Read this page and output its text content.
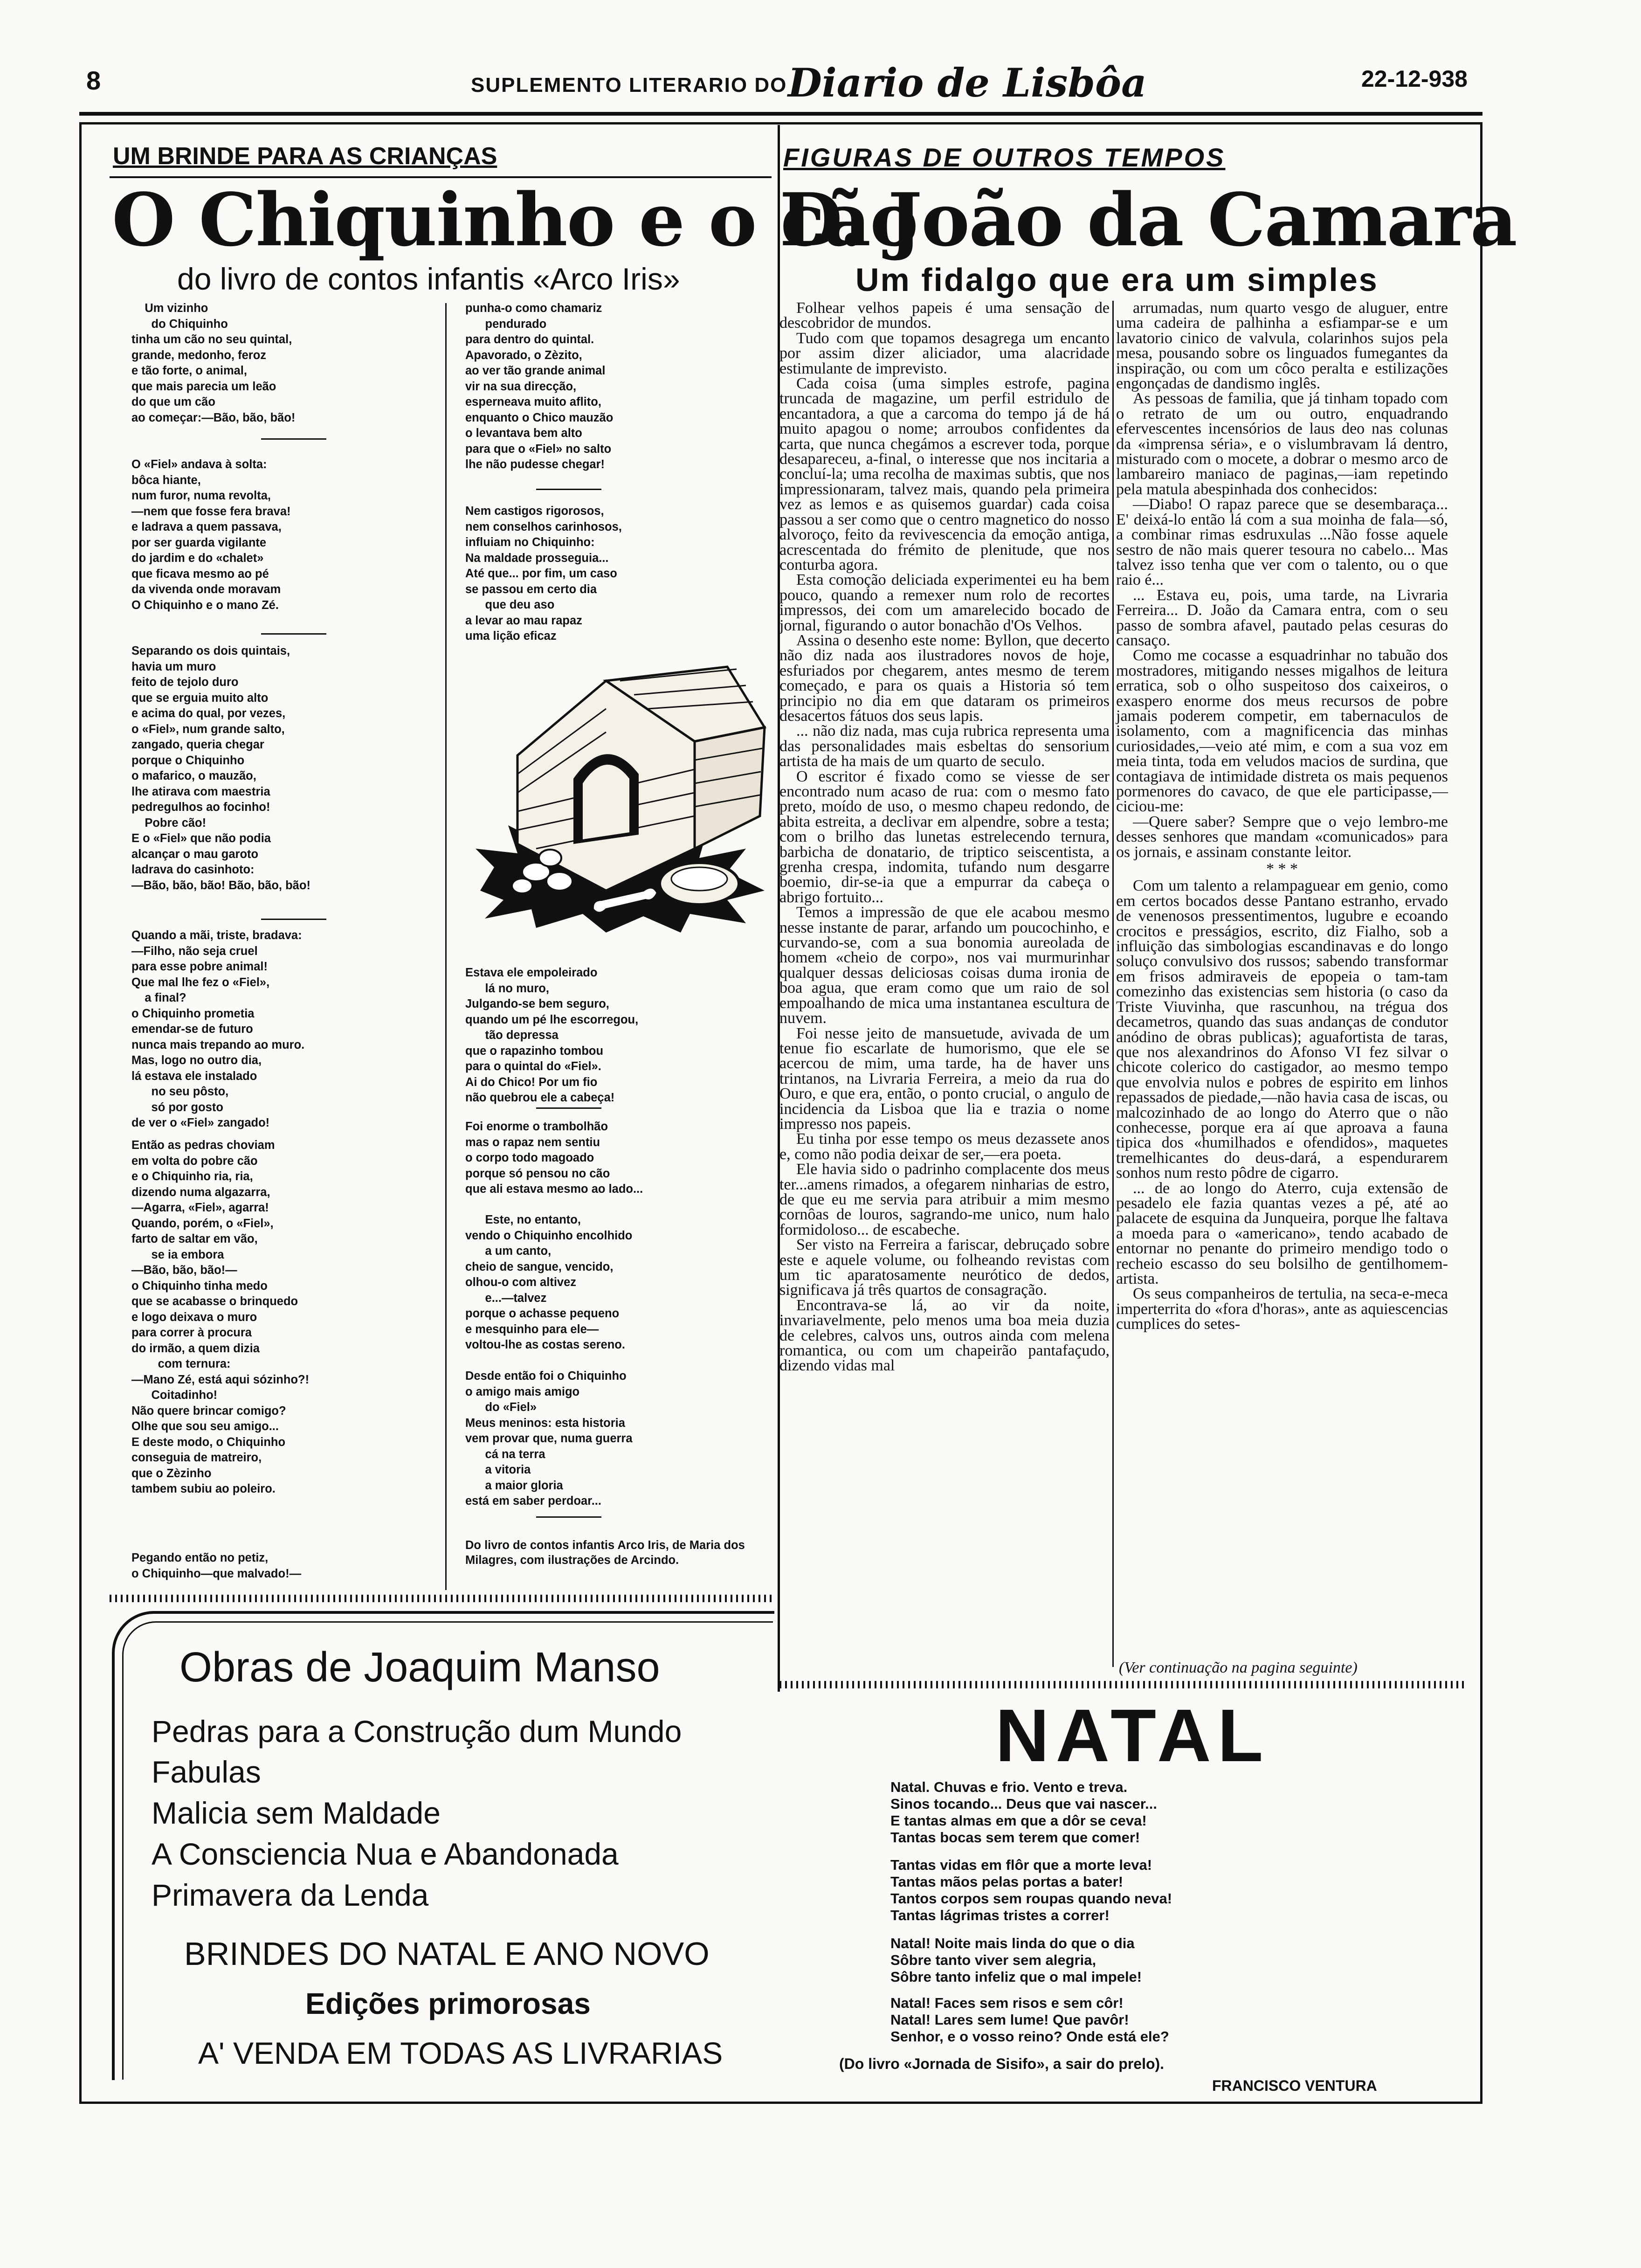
8	SUPLEMENTO LITERARIO DO Diario de Lisbôa	22-12-938
UM BRINDE PARA AS CRIANÇAS
O Chiquinho e o cão
do livro de contos infantis «Arco Iris»
Um vizinho
do Chiquinho
tinha um cão no seu quintal,
grande, medonho, feroz
e tão forte, o animal,
que mais parecia um leão
do que um cão
ao começar:—Bão, bão, bão!
O «Fiel» andava à solta:
bôca hiante,
num furor, numa revolta,
—nem que fosse fera brava!
e ladrava a quem passava,
por ser guarda vigilante
do jardim e do «chalet»
que ficava mesmo ao pé
da vivenda onde moravam
O Chiquinho e o mano Zé.
Separando os dois quintais,
havia um muro
feito de tejolo duro
que se erguia muito alto
e acima do qual, por vezes,
o «Fiel», num grande salto,
zangado, queria chegar
porque o Chiquinho
o mafarico, o mauzão,
lhe atirava com maestria
pedregulhos ao focinho!
Pobre cão!
E o «Fiel» que não podia
alcançar o mau garoto
ladrava do casinhoto:
—Bão, bão, bão! Bão, bão, bão!
Quando a mãi, triste, bradava:
—Filho, não seja cruel
para esse pobre animal!
Que mal lhe fez o «Fiel»,
a final?
o Chiquinho prometia
emendar-se de futuro
nunca mais trepando ao muro.
Mas, logo no outro dia,
lá estava ele instalado
no seu pôsto,
só por gosto
de ver o «Fiel» zangado!
Então as pedras choviam
em volta do pobre cão
e o Chiquinho ria, ria,
dizendo numa algazarra,
—Agarra, «Fiel», agarra!
Quando, porém, o «Fiel»,
farto de saltar em vão,
se ia embora
—Bão, bão, bão!—
o Chiquinho tinha medo
que se acabasse o brinquedo
e logo deixava o muro
para correr à procura
do irmão, a quem dizia
com ternura:
—Mano Zé, está aqui sózinho?!
Coitadinho!
Não quere brincar comigo?
Olhe que sou seu amigo...
E deste modo, o Chiquinho
conseguia de matreiro,
que o Zèzinho
tambem subiu ao poleiro.
Pegando então no petiz,
o Chiquinho—que malvado!—
punha-o como chamariz
pendurado
para dentro do quintal.
Apavorado, o Zèzito,
ao ver tão grande animal
vir na sua direcção,
esperneava muito aflito,
enquanto o Chico mauzão
o levantava bem alto
para que o «Fiel» no salto
lhe não pudesse chegar!
Nem castigos rigorosos,
nem conselhos carinhosos,
influiam no Chiquinho:
Na maldade prosseguia...
Até que... por fim, um caso
se passou em certo dia
que deu aso
a levar ao mau rapaz
uma lição eficaz
Estava ele empoleirado
lá no muro,
Julgando-se bem seguro,
quando um pé lhe escorregou,
tão depressa
que o rapazinho tombou
para o quintal do «Fiel».
Ai do Chico! Por um fio
não quebrou ele a cabeça!
Foi enorme o trambolhão
mas o rapaz nem sentiu
o corpo todo magoado
porque só pensou no cão
que ali estava mesmo ao lado...
Este, no entanto,
vendo o Chiquinho encolhido
a um canto,
cheio de sangue, vencido,
olhou-o com altivez
e...—talvez
porque o achasse pequeno
e mesquinho para ele—
voltou-lhe as costas sereno.
Desde então foi o Chiquinho
o amigo mais amigo
do «Fiel»
Meus meninos: esta historia
vem provar que, numa guerra
cá na terra
a vitoria
a maior gloria
está em saber perdoar...
Do livro de contos infantis Arco Iris, de Maria dos Milagres, com ilustrações de Arcindo.
Obras de Joaquim Manso
Pedras para a Construção dum Mundo
Fabulas
Malicia sem Maldade
A Consciencia Nua e Abandonada
Primavera da Lenda
BRINDES DO NATAL E ANO NOVO
Edições primorosas
A' VENDA EM TODAS AS LIVRARIAS
FIGURAS DE OUTROS TEMPOS
D. João da Camara
Um fidalgo que era um simples

Folhear velhos papeis é uma sensação de descobridor de mundos.

Tudo com que topamos desagrega um encanto por assim dizer aliciador, uma alacridade estimulante de imprevisto.

Cada coisa (uma simples estrofe, pagina truncada de magazine, um perfil estridulo de encantadora, a que a carcoma do tempo já de há muito apagou o nome; arroubos confidentes da carta, que nunca chegámos a escrever toda, porque desapareceu, a-final, o interesse que nos incitaria a concluí-la; uma recolha de maximas subtis, que nos impressionaram, talvez mais, quando pela primeira vez as lemos e as quisemos guardar) cada coisa passou a ser como que o centro magnetico do nosso alvoroço, feito da revivescencia da emoção antiga, acrescentada do frémito de plenitude, que nos conturba agora.

Esta comoção deliciada experimentei eu ha bem pouco, quando a remexer num rolo de recortes impressos, dei com um amarelecido bocado de jornal, figurando o autor bonachão d'Os Velhos.

Assina o desenho este nome: Byllon, que decerto não diz nada aos ilustradores novos de hoje, esfuriados por chegarem, antes mesmo de terem começado, e para os quais a Historia só tem principio no dia em que dataram os primeiros desacertos fátuos dos seus lapis.

... não diz nada, mas cuja rubrica representa uma das personalidades mais esbeltas do sensorium artista de ha mais de um quarto de seculo.

O escritor é fixado como se viesse de ser encontrado num acaso de rua: com o mesmo fato preto, moído de uso, o mesmo chapeu redondo, de abita estreita, a declivar em alpendre, sobre a testa; com o brilho das lunetas estrelecendo ternura, barbicha de donatario, de triptico seiscentista, a grenha crespa, indomita, tufando num desgarre boemio, dir-se-ia que a empurrar da cabeça o abrigo fortuito...

Temos a impressão de que ele acabou mesmo nesse instante de parar, arfando um poucochinho, e curvando-se, com a sua bonomia aureolada de homem «cheio de corpo», nos vai murmurinhar qualquer dessas deliciosas coisas duma ironia de boa agua, que eram como que um raio de sol empoalhando de mica uma instantanea escultura de nuvem.

Foi nesse jeito de mansuetude, avivada de um tenue fio escarlate de humorismo, que ele se acercou de mim, uma tarde, ha de haver uns trintanos, na Livraria Ferreira, a meio da rua do Ouro, e que era, então, o ponto crucial, o angulo de incidencia da Lisboa que lia e trazia o nome impresso nos papeis.

Eu tinha por esse tempo os meus dezassete anos e, como não podia deixar de ser,—era poeta.

Ele havia sido o padrinho complacente dos meus ter...amens rimados, a ofegarem ninharias de estro, de que eu me servia para atribuir a mim mesmo cornôas de louros, sagrando-me unico, num halo formidoloso... de escabeche.

Ser visto na Ferreira a fariscar, debruçado sobre este e aquele volume, ou folheando revistas com um tic aparatosamente neurótico de dedos, significava já três quartos de consagração.

Encontrava-se lá, ao vir da noite, invariavelmente, pelo menos uma boa meia duzia de celebres, calvos uns, outros ainda com melena romantica, ou com um chapeirão pantafaçudo, dizendo vidas mal

arrumadas, num quarto vesgo de aluguer, entre uma cadeira de palhinha a esfiampar-se e um lavatorio cinico de valvula, colarinhos sujos pela mesa, pousando sobre os linguados fumegantes da inspiração, ou com um côco peralta e estilizações engonçadas de dandismo inglês.

As pessoas de familia, que já tinham topado com o retrato de um ou outro, enquadrando efervescentes incensórios de laus deo nas colunas da «imprensa séria», e o vislumbravam lá dentro, misturado com o mocete, a dobrar o mesmo arco de lambareiro maniaco de paginas,—iam repetindo pela matula abespinhada dos conhecidos:

—Diabo! O rapaz parece que se desembaraça... E' deixá-lo então lá com a sua moinha de fala—só, a combinar rimas esdruxulas ...Não fosse aquele sestro de não mais querer tesoura no cabelo... Mas talvez isso tenha que ver com o talento, ou o que raio é...

... Estava eu, pois, uma tarde, na Livraria Ferreira... D. João da Camara entra, com o seu passo de sombra afavel, pautado pelas cesuras do cansaço.

Como me cocasse a esquadrinhar no tabuão dos mostradores, mitigando nesses migalhos de leitura erratica, sob o olho suspeitoso dos caixeiros, o exaspero enorme dos meus recursos de pobre jamais poderem competir, em tabernaculos de isolamento, com a magnificencia das minhas curiosidades,—veio até mim, e com a sua voz em meia tinta, toda em veludos macios de surdina, que contagiava de intimidade distreta os mais pequenos pormenores do cavaco, de que ele participasse,—ciciou-me:

—Quere saber? Sempre que o vejo lembro-me desses senhores que mandam «comunicados» para os jornais, e assinam constante leitor.

* * *

Com um talento a relampaguear em genio, como em certos bocados desse Pantano estranho, ervado de venenosos pressentimentos, lugubre e ecoando crocitos e presságios, escrito, diz Fialho, sob a influição das simbologias escandinavas e do longo soluço convulsivo dos russos; sabendo transformar em frisos admiraveis de epopeia o tam-tam comezinho das existencias sem historia (o caso da Triste Viuvinha, que rascunhou, na trégua dos decametros, quando das suas andanças de condutor anódino de obras publicas); aguafortista de taras, que nos alexandrinos do Afonso VI fez silvar o chicote colerico do castigador, ao mesmo tempo que envolvia nulos e pobres de espirito em linhos repassados de piedade,—não havia casa de iscas, ou malcozinhado de ao longo do Aterro que o não conhecesse, porque era aí que aproava a fauna tipica dos «humilhados e ofendidos», maquetes tremelhicantes do deus-dará, a espendurarem sonhos num resto pôdre de cigarro.

... de ao longo do Aterro, cuja extensão de pesadelo ele fazia quantas vezes a pé, até ao palacete de esquina da Junqueira, porque lhe faltava a moeda para o «americano», tendo acabado de entornar no penante do primeiro mendigo todo o recheio escasso do seu bolsilho de gentilhomem-artista.

Os seus companheiros de tertulia, na seca-e-meca imperterrita do «fora d'horas», ante as aquiescencias cumplices do setes-

(Ver continuação na pagina seguinte)
NATAL
Natal. Chuvas e frio. Vento e treva.
Sinos tocando... Deus que vai nascer...
E tantas almas em que a dôr se ceva!
Tantas bocas sem terem que comer!
Tantas vidas em flôr que a morte leva!
Tantas mãos pelas portas a bater!
Tantos corpos sem roupas quando neva!
Tantas lágrimas tristes a correr!
Natal! Noite mais linda do que o dia
Sôbre tanto viver sem alegria,
Sôbre tanto infeliz que o mal impele!
Natal! Faces sem risos e sem côr!
Natal! Lares sem lume! Que pavôr!
Senhor, e o vosso reino? Onde está ele?
(Do livro «Jornada de Sisifo», a sair do prelo).
FRANCISCO VENTURA
